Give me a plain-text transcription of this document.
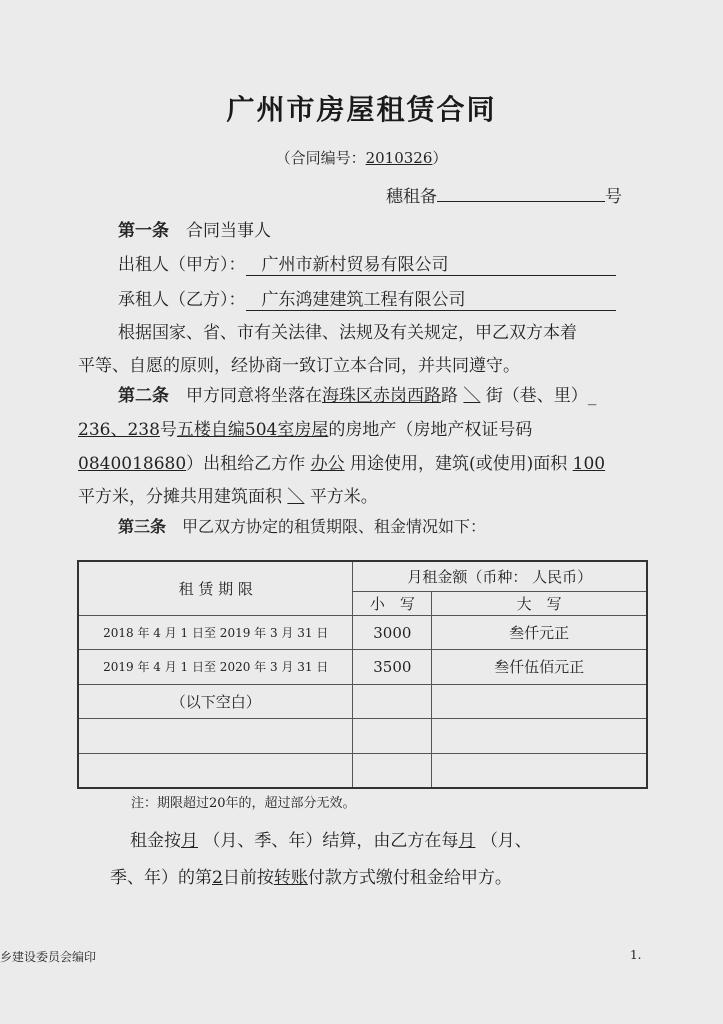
广州市房屋租赁合同
（合同编号：2010326）
穗租备	号
第一条　 合同当事人
出租人（甲方）： 广州市新村贸易有限公司
承租人（乙方）： 广东鸿建建筑工程有限公司
根据国家、省、市有关法律、法规及有关规定，甲乙双方本着
平等、自愿的原则，经协商一致订立本合同，并共同遵守。
第二条　 甲方同意将坐落在海珠区赤岗西路路 ＼ 街（巷、里）_
236、238号五楼自编504室房屋的房地产（房地产权证号码
0840018680）出租给乙方作 办公 用途使用，建筑(或使用)面积 100
平方米，分摊共用建筑面积 ＼ 平方米。
第三条　 甲乙双方协定的租赁期限、租金情况如下：
租 赁 期 限	月租金额（币种： 人民币）	
	小　写	大　写
2018 年 4 月 1 日至 2019 年 3 月 31 日	3000	叁仟元正
2019 年 4 月 1 日至 2020 年 3 月 31 日	3500	叁仟伍佰元正
（以下空白）		

注：期限超过20年的，超过部分无效。
租金按月 （月、季、年）结算，由乙方在每月 （月、
季、年）的第2日前按转账付款方式缴付租金给甲方。
乡建设委员会编印	1.
